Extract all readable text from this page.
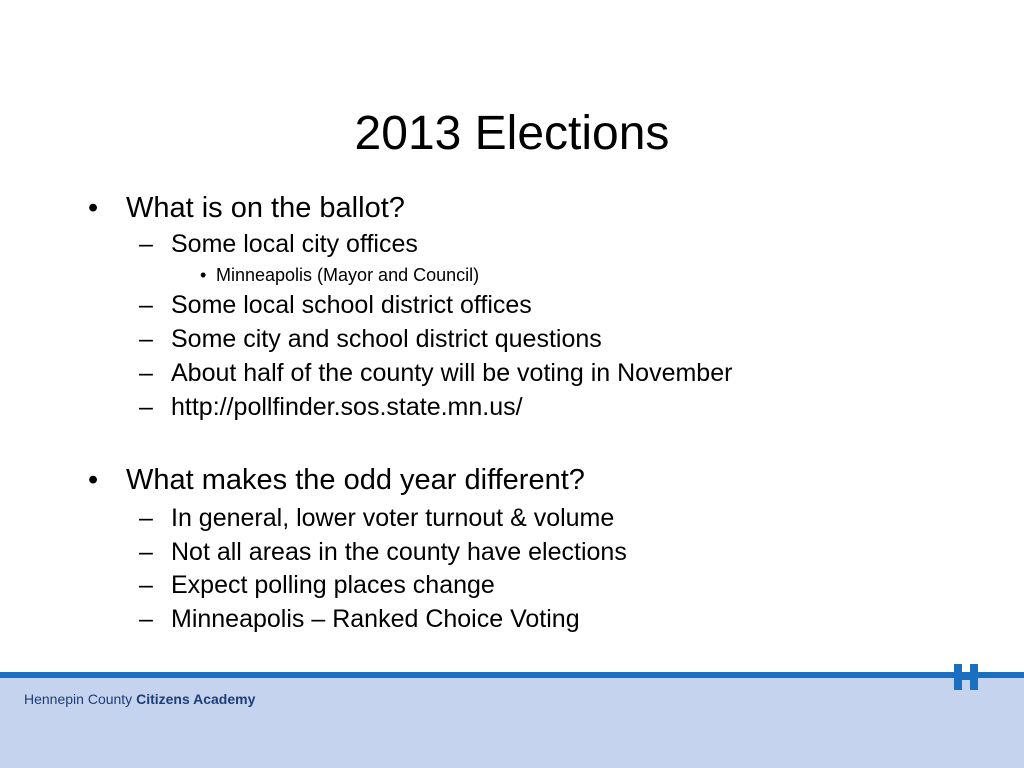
2013 Elections
• What is on the ballot?
– Some local city offices
• Minneapolis (Mayor and Council)
– Some local school district offices
– Some city and school district questions
– About half of the county will be voting in November
– http://pollfinder.sos.state.mn.us/
• What makes the odd year different?
– In general, lower voter turnout & volume
– Not all areas in the county have elections
– Expect polling places change
– Minneapolis – Ranked Choice Voting
Hennepin County Citizens Academy
